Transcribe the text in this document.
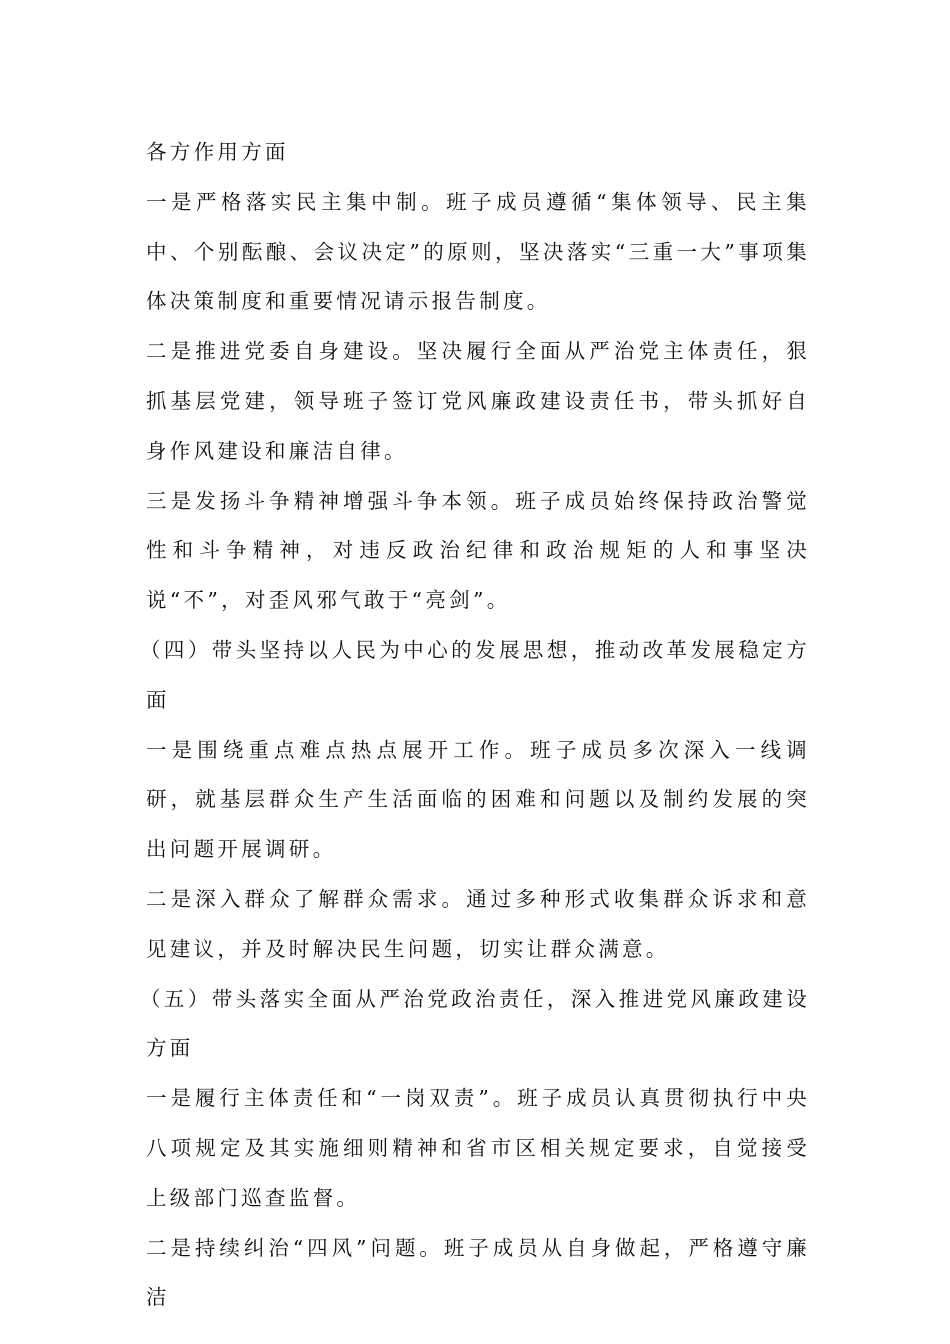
各方作用方面

一是严格落实民主集中制。班子成员遵循“集体领导、民主集中、个别酝酿、会议决定”的原则，坚决落实“三重一大”事项集体决策制度和重要情况请示报告制度。

二是推进党委自身建设。坚决履行全面从严治党主体责任，狠抓基层党建，领导班子签订党风廉政建设责任书，带头抓好自身作风建设和廉洁自律。

三是发扬斗争精神增强斗争本领。班子成员始终保持政治警觉性和斗争精神，对违反政治纪律和政治规矩的人和事坚决说“不”，对歪风邪气敢于“亮剑”。

（四）带头坚持以人民为中心的发展思想，推动改革发展稳定方面

一是围绕重点难点热点展开工作。班子成员多次深入一线调研，就基层群众生产生活面临的困难和问题以及制约发展的突出问题开展调研。

二是深入群众了解群众需求。通过多种形式收集群众诉求和意见建议，并及时解决民生问题，切实让群众满意。

（五）带头落实全面从严治党政治责任，深入推进党风廉政建设方面

一是履行主体责任和“一岗双责”。班子成员认真贯彻执行中央八项规定及其实施细则精神和省市区相关规定要求，自觉接受上级部门巡查监督。

二是持续纠治“四风”问题。班子成员从自身做起，严格遵守廉洁
